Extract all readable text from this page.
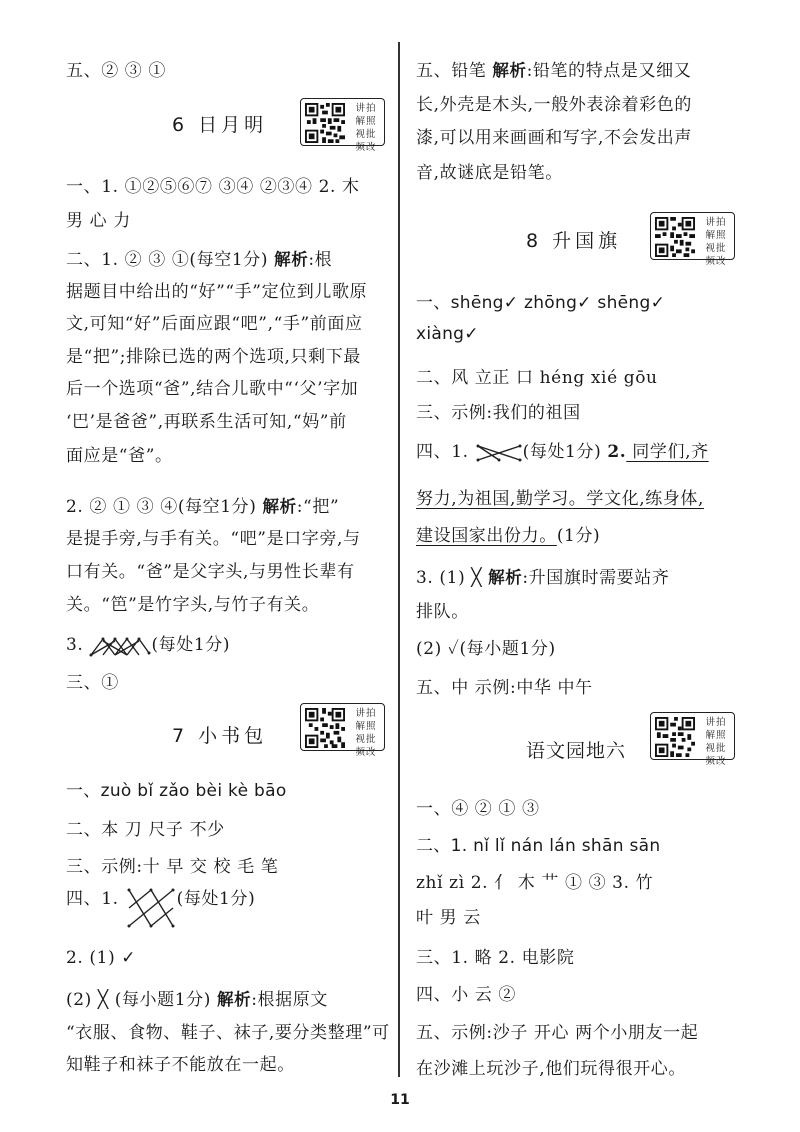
五、② ③ ①
6 日月明
讲拍
解照
视批
频改
一、1. ①②⑤⑥⑦ ③④ ②③④ 2. 木
男 心 力
二、1. ② ③ ①(每空1分) 解析:根
据题目中给出的“好”“手”定位到儿歌原
文,可知“好”后面应跟“吧”,“手”前面应
是“把”;排除已选的两个选项,只剩下最
后一个选项“爸”,结合儿歌中“‘父’字加
‘巴’是爸爸”,再联系生活可知,“妈”前
面应是“爸”。
2. ② ① ③ ④(每空1分) 解析:“把”
是提手旁,与手有关。“吧”是口字旁,与
口有关。“爸”是父字头,与男性长辈有
关。“笆”是竹字头,与竹子有关。
3.	(每处1分)
三、①
7 小书包
讲拍
解照
视批
频改
一、zuò bǐ zǎo bèi kè bāo
二、本 刀 尺子 不少
三、示例:十 早 交 校 毛 笔
四、1.	(每处1分)
2. (1) ✓
(2) ╳ (每小题1分) 解析:根据原文
“衣服、食物、鞋子、袜子,要分类整理”可
知鞋子和袜子不能放在一起。
五、铅笔 解析:铅笔的特点是又细又
长,外壳是木头,一般外表涂着彩色的
漆,可以用来画画和写字,不会发出声
音,故谜底是铅笔。
8 升国旗
讲拍
解照
视批
频改
一、shēng✓ zhōng✓ shēng✓
xiàng✓
二、风 立正 口 héng xié gōu
三、示例:我们的祖国
四、1.	(每处1分) 2. 同学们,齐
努力,为祖国,勤学习。学文化,练身体,
建设国家出份力。(1分)
3. (1) ╳ 解析:升国旗时需要站齐
排队。
(2) ✓(每小题1分)
五、中 示例:中华 中午
语文园地六
讲拍
解照
视批
频改
一、④ ② ① ③
二、1. nǐ lǐ nán lán shān sān
zhǐ zì 2. 亻 木 艹 ① ③ 3. 竹
叶 男 云
三、1. 略 2. 电影院
四、小 云 ②
五、示例:沙子 开心 两个小朋友一起
在沙滩上玩沙子,他们玩得很开心。
11
